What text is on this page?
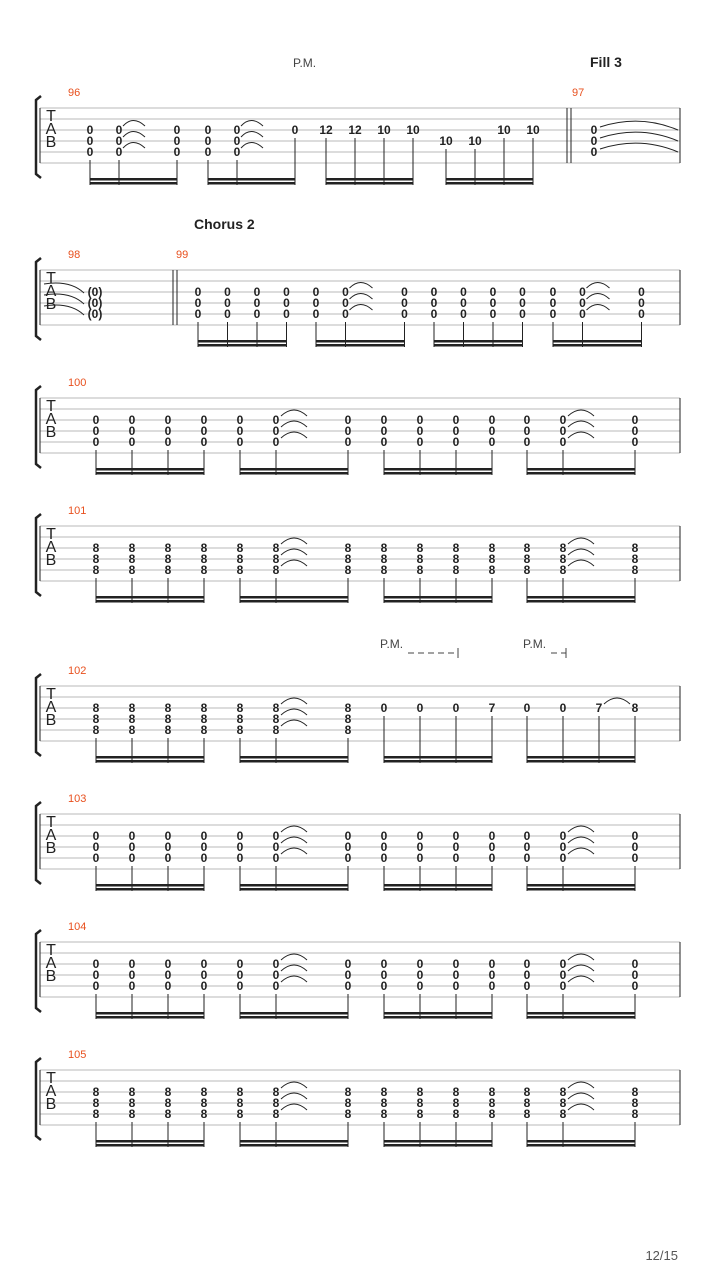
T
A
B
96
0
0
0
0
0
0
0
0
0
0
0
0
0
0
0
0 12 12 10 10
10 10
10 10
97
0
0
0
P.M.	Fill 3
T
A
B
98
(0)
(0)
(0)
99
0
0
0
0
0
0
0
0
0
0
0
0
0
0
0
0
0
0
0
0
0
0
0
0
0
0
0
0
0
0
0
0
0
0
0
0
0
0
0
0
0
0
Chorus 2
T
A
B
100
0
0
0
0
0
0
0
0
0
0
0
0
0
0
0
0
0
0
0
0
0
0
0
0
0
0
0
0
0
0
0
0
0
0
0
0
0
0
0
0
0
0
T
A
B
101
8
8
8
8
8
8
8
8
8
8
8
8
8
8
8
8
8
8
8
8
8
8
8
8
8
8
8
8
8
8
8
8
8
8
8
8
8
8
8
8
8
8
T
A
B
102
8
8
8
8
8
8
8
8
8
8
8
8
8
8
8
8
8
8
8
8
8
0 0 0 7 0 0 7 8
P.M.	P.M.
T
A
B
103
0
0
0
0
0
0
0
0
0
0
0
0
0
0
0
0
0
0
0
0
0
0
0
0
0
0
0
0
0
0
0
0
0
0
0
0
0
0
0
0
0
0
T
A
B
104
0
0
0
0
0
0
0
0
0
0
0
0
0
0
0
0
0
0
0
0
0
0
0
0
0
0
0
0
0
0
0
0
0
0
0
0
0
0
0
0
0
0
T
A
B
105
8
8
8
8
8
8
8
8
8
8
8
8
8
8
8
8
8
8
8
8
8
8
8
8
8
8
8
8
8
8
8
8
8
8
8
8
8
8
8
8
8
8
12/15
